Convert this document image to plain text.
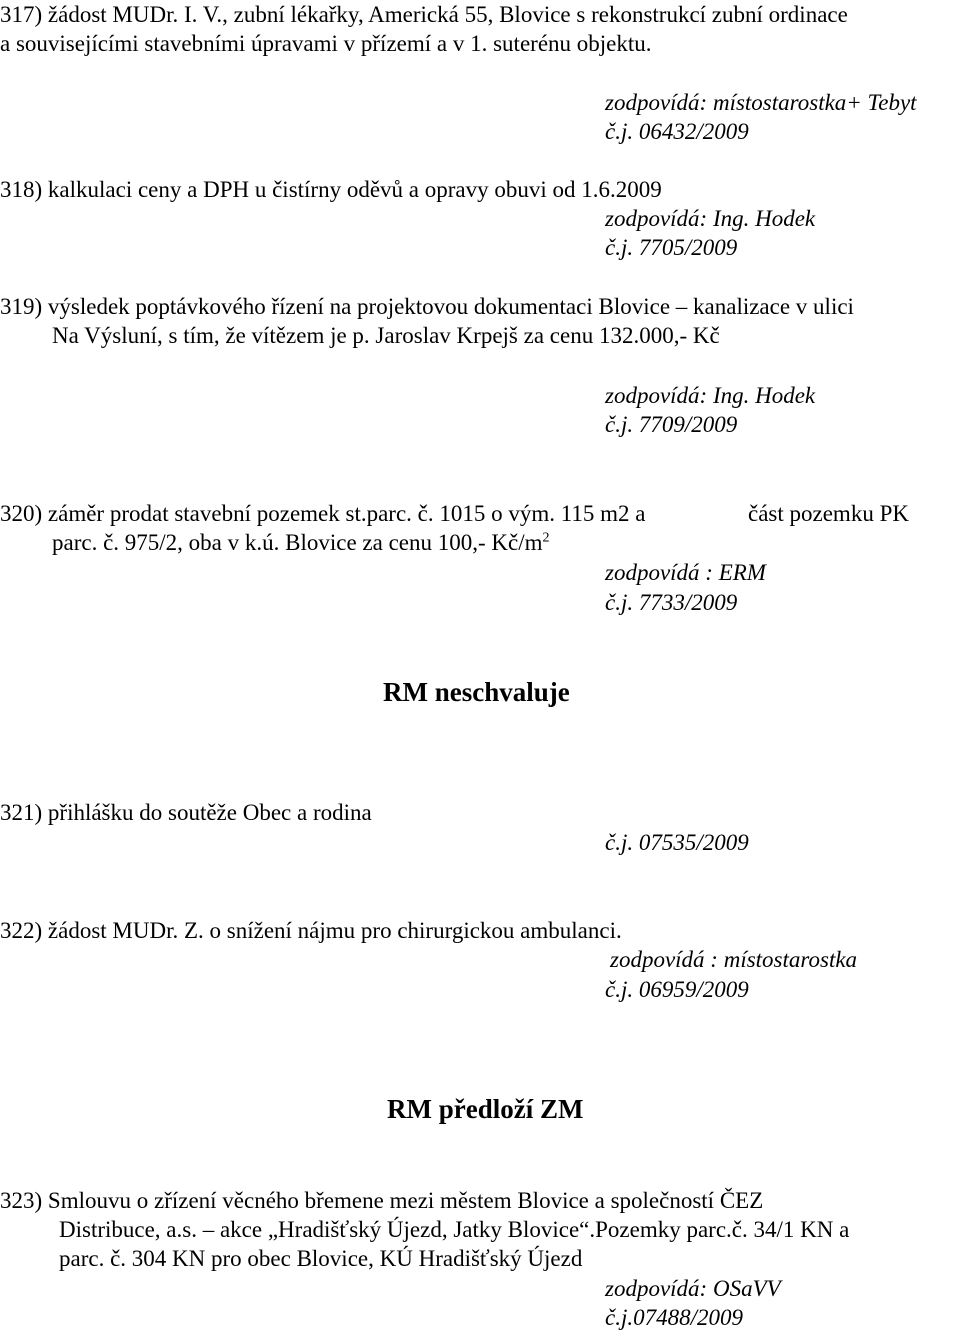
317) žádost MUDr. I. V., zubní lékařky, Americká 55, Blovice s rekonstrukcí zubní ordinace
a souvisejícími stavebními úpravami v přízemí a v 1. suterénu objektu.
zodpovídá: místostarostka+ Tebyt
č.j. 06432/2009
318) kalkulaci ceny a DPH u čistírny oděvů a opravy obuvi od 1.6.2009
zodpovídá: Ing. Hodek
č.j. 7705/2009
319) výsledek poptávkového řízení na projektovou dokumentaci Blovice – kanalizace v ulici
Na Výsluní, s tím, že vítězem je p. Jaroslav Krpejš za cenu 132.000,- Kč
zodpovídá: Ing. Hodek
č.j. 7709/2009
320) záměr prodat stavební pozemek st.parc. č. 1015 o vým. 115 m2 a	část pozemku PK
parc. č. 975/2, oba v k.ú. Blovice za cenu 100,- $Kč/m^2$
zodpovídá : ERM
č.j. 7733/2009
RM neschvaluje
321) přihlášku do soutěže Obec a rodina
č.j. 07535/2009
322) žádost MUDr. Z. o snížení nájmu pro chirurgickou ambulanci.
zodpovídá : místostarostka
č.j. 06959/2009
RM předloží ZM
323) Smlouvu o zřízení věcného břemene mezi městem Blovice a společností ČEZ
Distribuce, a.s. – akce „Hradišťský Újezd, Jatky Blovice“.Pozemky parc.č. 34/1 KN a
parc. č. 304 KN pro obec Blovice, KÚ Hradišťský Újezd
zodpovídá: OSaVV
č.j.07488/2009
